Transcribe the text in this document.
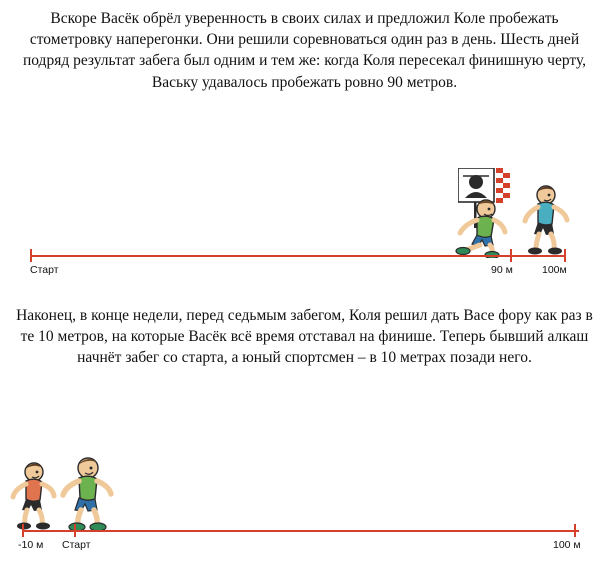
Вскоре Васёк обрёл уверенность в своих силах и предложил Коле пробежать стометровку наперегонки. Они решили соревноваться один раз в день. Шесть дней подряд результат забега был одним и тем же: когда Коля пересекал финишную черту, Ваську удавалось пробежать ровно 90 метров.
Старт	90 м	100м
Наконец, в конце недели, перед седьмым забегом, Коля решил дать Васе фору как раз в те 10 метров, на которые Васёк всё время отставал на финише. Теперь бывший алкаш начнёт забег со старта, а юный спортсмен – в 10 метрах позади него.
-10 м Старт	100 м
